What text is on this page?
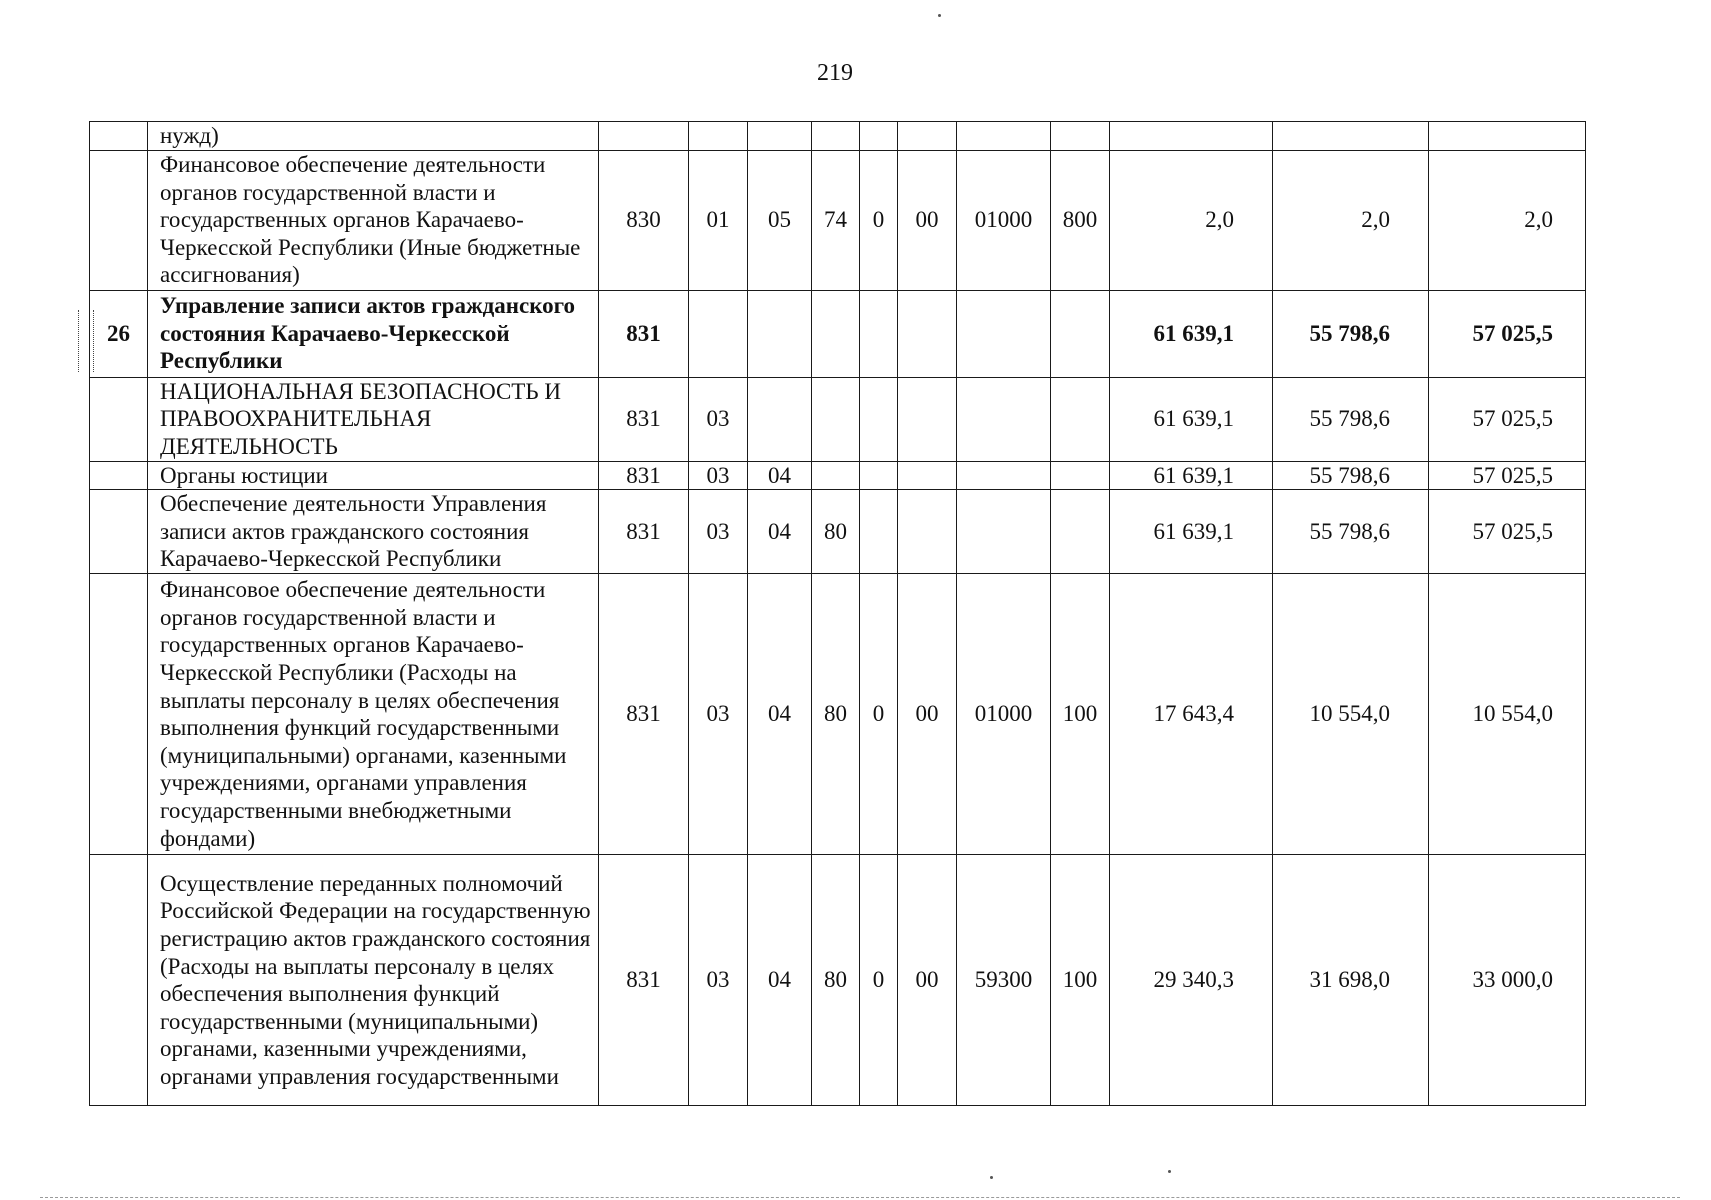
219
	нужд)											
	Финансовое обеспечение деятельности органов государственной власти и государственных органов Карачаево-Черкесской Республики (Иные бюджетные ассигнования)	830	01	05	74	0	00	01000	800	2,0	2,0	2,0
26	Управление записи актов гражданского состояния Карачаево-Черкесской Республики	831								61 639,1	55 798,6	57 025,5
	НАЦИОНАЛЬНАЯ БЕЗОПАСНОСТЬ И ПРАВООХРАНИТЕЛЬНАЯ ДЕЯТЕЛЬНОСТЬ	831	03							61 639,1	55 798,6	57 025,5
	Органы юстиции	831	03	04						61 639,1	55 798,6	57 025,5
	Обеспечение деятельности Управления записи актов гражданского состояния Карачаево-Черкесской Республики	831	03	04	80					61 639,1	55 798,6	57 025,5
	Финансовое обеспечение деятельности органов государственной власти и государственных органов Карачаево-Черкесской Республики (Расходы на выплаты персоналу в целях обеспечения выполнения функций государственными (муниципальными) органами, казенными учреждениями, органами управления государственными внебюджетными фондами)	831	03	04	80	0	00	01000	100	17 643,4	10 554,0	10 554,0
	Осуществление переданных полномочий Российской Федерации на государственную регистрацию актов гражданского состояния (Расходы на выплаты персоналу в целях обеспечения выполнения функций государственными (муниципальными) органами, казенными учреждениями, органами управления государственными	831	03	04	80	0	00	59300	100	29 340,3	31 698,0	33 000,0
